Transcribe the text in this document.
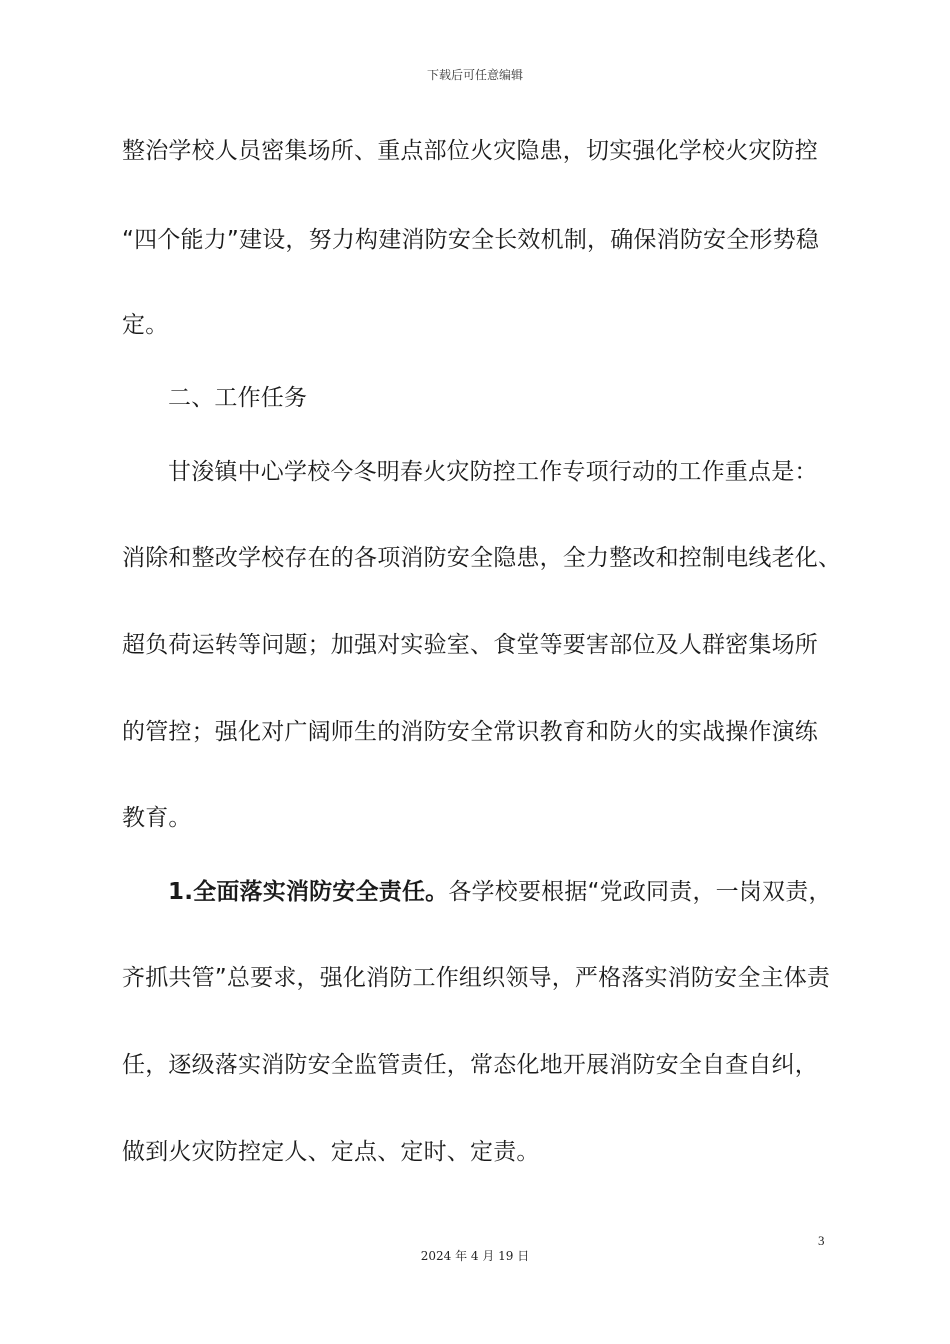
下载后可任意编辑
整治学校人员密集场所、重点部位火灾隐患，切实强化学校火灾防控
“四个能力”建设，努力构建消防安全长效机制，确保消防安全形势稳
定。
二、工作任务
甘浚镇中心学校今冬明春火灾防控工作专项行动的工作重点是：
消除和整改学校存在的各项消防安全隐患，全力整改和控制电线老化、
超负荷运转等问题；加强对实验室、食堂等要害部位及人群密集场所
的管控；强化对广阔师生的消防安全常识教育和防火的实战操作演练
教育。
1.全面落实消防安全责任。各学校要根据“党政同责，一岗双责，
齐抓共管”总要求，强化消防工作组织领导，严格落实消防安全主体责
任，逐级落实消防安全监管责任，常态化地开展消防安全自查自纠，
做到火灾防控定人、定点、定时、定责。
3
2024 年 4 月 19 日
